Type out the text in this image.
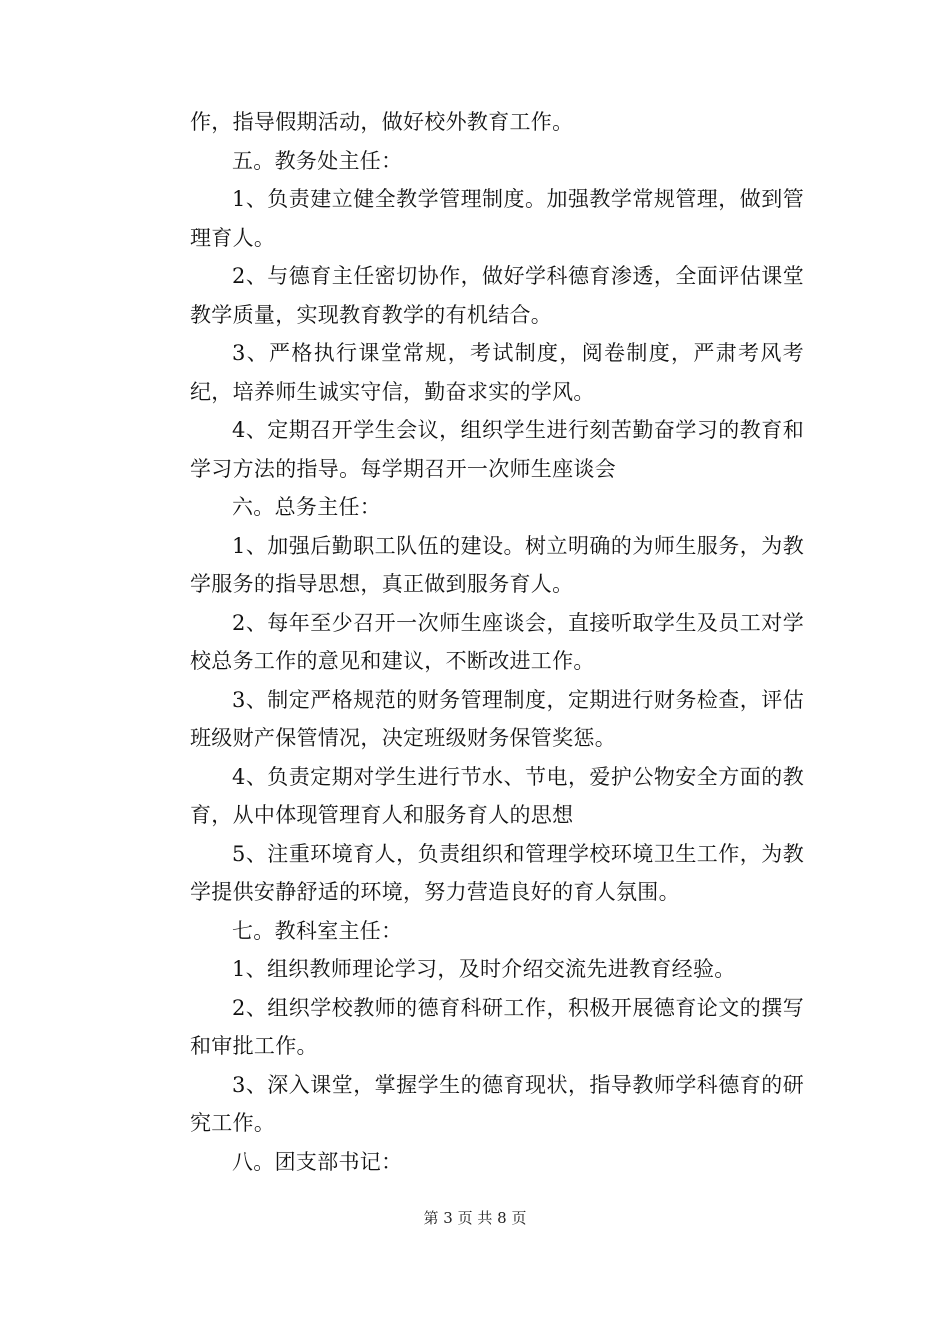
作，指导假期活动，做好校外教育工作。

五。教务处主任：

1、负责建立健全教学管理制度。加强教学常规管理，做到管理育人。

2、与德育主任密切协作，做好学科德育渗透，全面评估课堂教学质量，实现教育教学的有机结合。

3、严格执行课堂常规，考试制度，阅卷制度，严肃考风考纪，培养师生诚实守信，勤奋求实的学风。

4、定期召开学生会议，组织学生进行刻苦勤奋学习的教育和学习方法的指导。每学期召开一次师生座谈会

六。总务主任：

1、加强后勤职工队伍的建设。树立明确的为师生服务，为教学服务的指导思想，真正做到服务育人。

2、每年至少召开一次师生座谈会，直接听取学生及员工对学校总务工作的意见和建议，不断改进工作。

3、制定严格规范的财务管理制度，定期进行财务检查，评估班级财产保管情况，决定班级财务保管奖惩。

4、负责定期对学生进行节水、节电，爱护公物安全方面的教育，从中体现管理育人和服务育人的思想

5、注重环境育人，负责组织和管理学校环境卫生工作，为教学提供安静舒适的环境，努力营造良好的育人氛围。

七。教科室主任：

1、组织教师理论学习，及时介绍交流先进教育经验。

2、组织学校教师的德育科研工作，积极开展德育论文的撰写和审批工作。

3、深入课堂，掌握学生的德育现状，指导教师学科德育的研究工作。

八。团支部书记：

第 3 页 共 8 页
